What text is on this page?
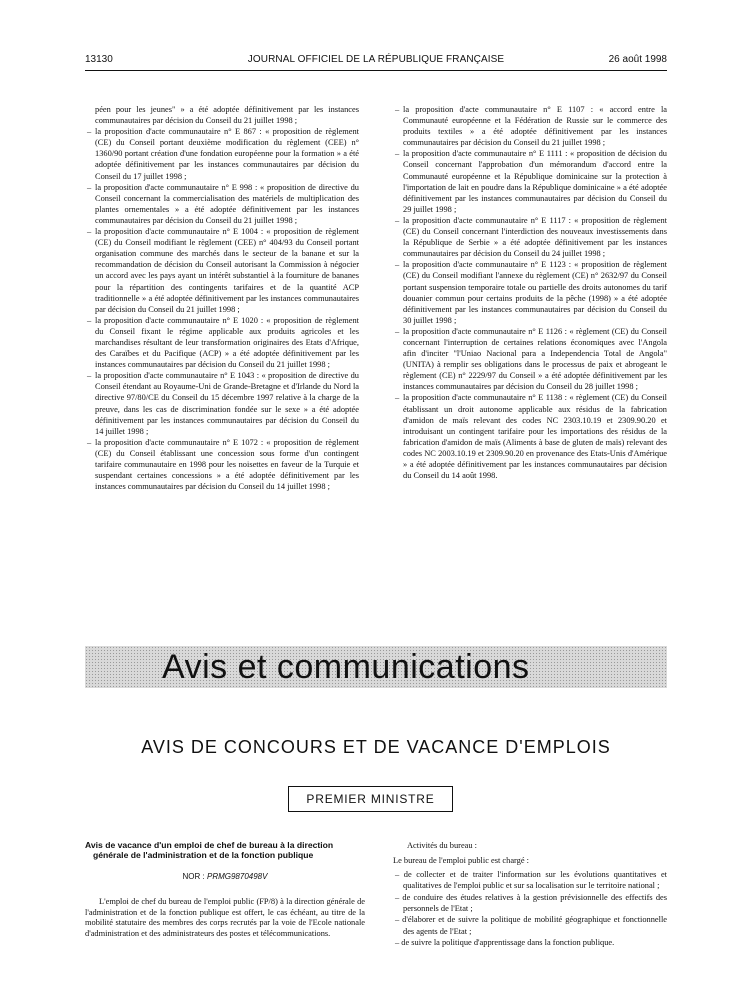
13130	JOURNAL OFFICIEL DE LA RÉPUBLIQUE FRANÇAISE	26 août 1998

péen pour les jeunes" » a été adoptée définitivement par les instances communautaires par décision du Conseil du 21 juillet 1998 ;

– la proposition d'acte communautaire n° E 867 : « proposition de règlement (CE) du Conseil portant deuxième modification du règlement (CEE) n° 1360/90 portant création d'une fondation européenne pour la formation » a été adoptée définitivement par les instances communautaires par décision du Conseil du 17 juillet 1998 ;

– la proposition d'acte communautaire n° E 998 : « proposition de directive du Conseil concernant la commercialisation des matériels de multiplication des plantes ornementales » a été adoptée définitivement par les instances communautaires par décision du Conseil du 21 juillet 1998 ;

– la proposition d'acte communautaire n° E 1004 : « proposition de règlement (CE) du Conseil modifiant le règlement (CEE) n° 404/93 du Conseil portant organisation commune des marchés dans le secteur de la banane et sur la recommandation de décision du Conseil autorisant la Commission à négocier un accord avec les pays ayant un intérêt substantiel à la fourniture de bananes pour la répartition des contingents tarifaires et de la quantité ACP traditionnelle » a été adoptée définitivement par les instances communautaires par décision du Conseil du 21 juillet 1998 ;

– la proposition d'acte communautaire n° E 1020 : « proposition de règlement du Conseil fixant le régime applicable aux produits agricoles et les marchandises résultant de leur transformation originaires des Etats d'Afrique, des Caraïbes et du Pacifique (ACP) » a été adoptée définitivement par les instances communautaires par décision du Conseil du 21 juillet 1998 ;

– la proposition d'acte communautaire n° E 1043 : « proposition de directive du Conseil étendant au Royaume-Uni de Grande-Bretagne et d'Irlande du Nord la directive 97/80/CE du Conseil du 15 décembre 1997 relative à la charge de la preuve, dans les cas de discrimination fondée sur le sexe » a été adoptée définitivement par les instances communautaires par décision du Conseil du 14 juillet 1998 ;

– la proposition d'acte communautaire n° E 1072 : « proposition de règlement (CE) du Conseil établissant une concession sous forme d'un contingent tarifaire communautaire en 1998 pour les noisettes en faveur de la Turquie et suspendant certaines concessions » a été adoptée définitivement par les instances communautaires par décision du Conseil du 14 juillet 1998 ;

– la proposition d'acte communautaire n° E 1107 : « accord entre la Communauté européenne et la Fédération de Russie sur le commerce des produits textiles » a été adoptée définitivement par les instances communautaires par décision du Conseil du 21 juillet 1998 ;

– la proposition d'acte communautaire n° E 1111 : « proposition de décision du Conseil concernant l'approbation d'un mémorandum d'accord entre la Communauté européenne et la République dominicaine sur la protection à l'importation de lait en poudre dans la République dominicaine » a été adoptée définitivement par les instances communautaires par décision du Conseil du 29 juillet 1998 ;

– la proposition d'acte communautaire n° E 1117 : « proposition de règlement (CE) du Conseil concernant l'interdiction des nouveaux investissements dans la République de Serbie » a été adoptée définitivement par les instances communautaires par décision du Conseil du 24 juillet 1998 ;

– la proposition d'acte communautaire n° E 1123 : « proposition de règlement (CE) du Conseil modifiant l'annexe du règlement (CE) n° 2632/97 du Conseil portant suspension temporaire totale ou partielle des droits autonomes du tarif douanier commun pour certains produits de la pêche (1998) » a été adoptée définitivement par les instances communautaires par décision du Conseil du 30 juillet 1998 ;

– la proposition d'acte communautaire n° E 1126 : « règlement (CE) du Conseil concernant l'interruption de certaines relations économiques avec l'Angola afin d'inciter "l'Uniao Nacional para a Independencia Total de Angola" (UNITA) à remplir ses obligations dans le processus de paix et abrogeant le règlement (CE) n° 2229/97 du Conseil » a été adoptée définitivement par les instances communautaires par décision du Conseil du 28 juillet 1998 ;

– la proposition d'acte communautaire n° E 1138 : « règlement (CE) du Conseil établissant un droit autonome applicable aux résidus de la fabrication d'amidon de maïs relevant des codes NC 2303.10.19 et 2309.90.20 et introduisant un contingent tarifaire pour les importations des résidus de la fabrication d'amidon de maïs (Aliments à base de gluten de maïs) relevant des codes NC 2003.10.19 et 2309.90.20 en provenance des Etats-Unis d'Amérique » a été adoptée définitivement par les instances communautaires par décision du Conseil du 14 août 1998.

Avis et communications
AVIS DE CONCOURS ET DE VACANCE D'EMPLOIS
PREMIER MINISTRE

Avis de vacance d'un emploi de chef de bureau à la direction générale de l'administration et de la fonction publique

NOR : PRMG9870498V

L'emploi de chef du bureau de l'emploi public (FP/8) à la direction générale de l'administration et de la fonction publique est offert, le cas échéant, au titre de la mobilité statutaire des membres des corps recrutés par la voie de l'Ecole nationale d'administration et des administrateurs des postes et télécommunications.

Activités du bureau :

Le bureau de l'emploi public est chargé :

– de collecter et de traiter l'information sur les évolutions quantitatives et qualitatives de l'emploi public et sur sa localisation sur le territoire national ;
– de conduire des études relatives à la gestion prévisionnelle des effectifs des personnels de l'Etat ;
– d'élaborer et de suivre la politique de mobilité géographique et fonctionnelle des agents de l'Etat ;
– de suivre la politique d'apprentissage dans la fonction publique.
